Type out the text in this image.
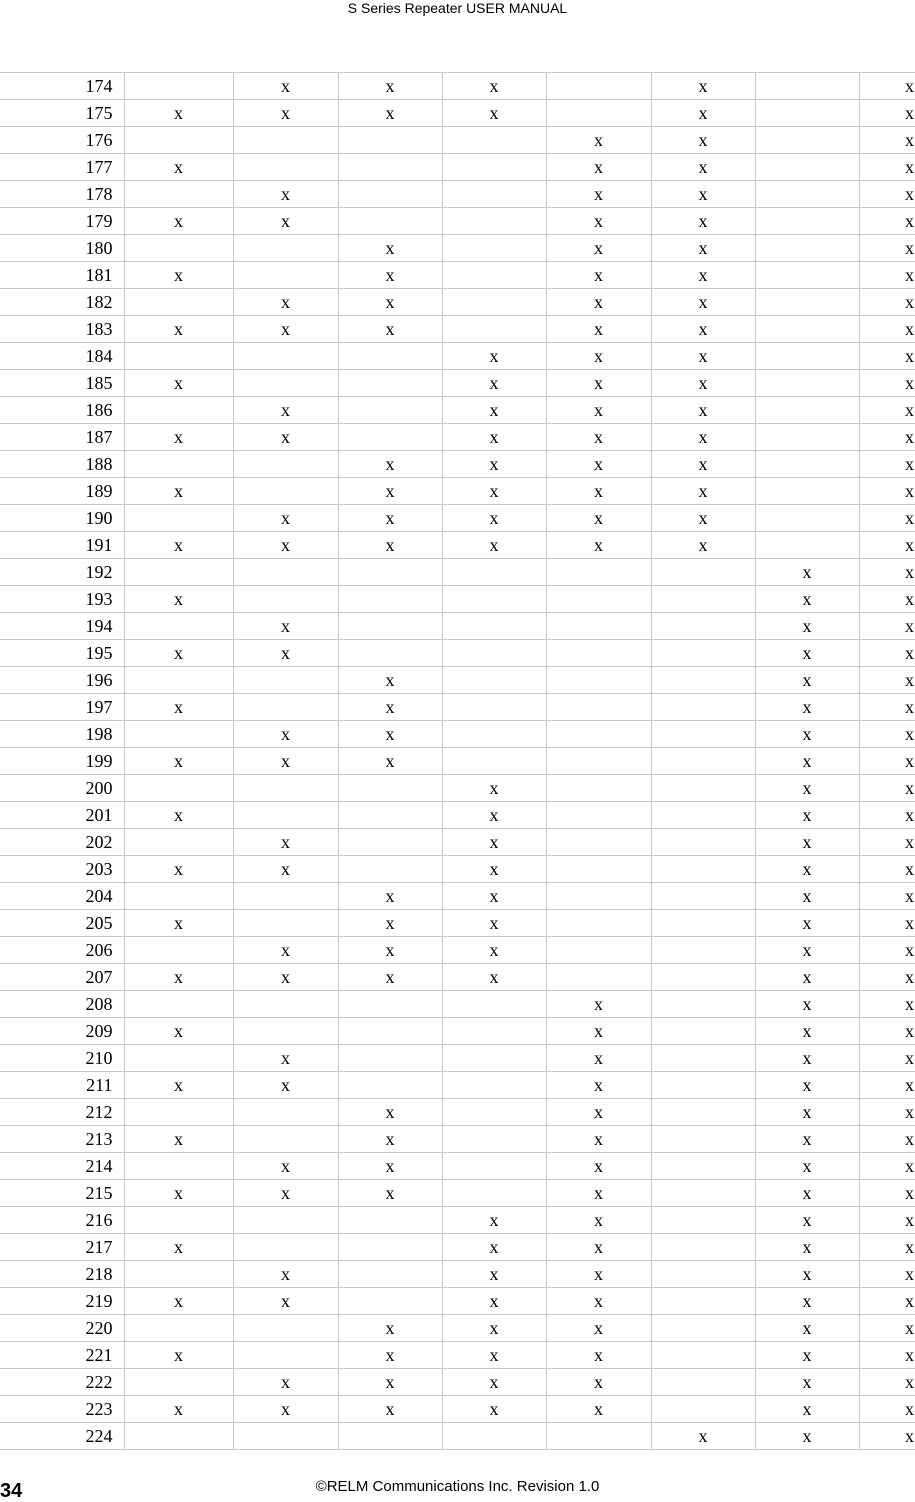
S Series Repeater USER MANUAL
174		x	x	x		x		x
175	x	x	x	x		x		x
176					x	x		x
177	x				x	x		x
178		x			x	x		x
179	x	x			x	x		x
180			x		x	x		x
181	x		x		x	x		x
182		x	x		x	x		x
183	x	x	x		x	x		x
184				x	x	x		x
185	x			x	x	x		x
186		x		x	x	x		x
187	x	x		x	x	x		x
188			x	x	x	x		x
189	x		x	x	x	x		x
190		x	x	x	x	x		x
191	x	x	x	x	x	x		x
192							x	x
193	x						x	x
194		x					x	x
195	x	x					x	x
196			x				x	x
197	x		x				x	x
198		x	x				x	x
199	x	x	x				x	x
200				x			x	x
201	x			x			x	x
202		x		x			x	x
203	x	x		x			x	x
204			x	x			x	x
205	x		x	x			x	x
206		x	x	x			x	x
207	x	x	x	x			x	x
208					x		x	x
209	x				x		x	x
210		x			x		x	x
211	x	x			x		x	x
212			x		x		x	x
213	x		x		x		x	x
214		x	x		x		x	x
215	x	x	x		x		x	x
216				x	x		x	x
217	x			x	x		x	x
218		x		x	x		x	x
219	x	x		x	x		x	x
220			x	x	x		x	x
221	x		x	x	x		x	x
222		x	x	x	x		x	x
223	x	x	x	x	x		x	x
224						x	x	x
34	©RELM Communications Inc. Revision 1.0
